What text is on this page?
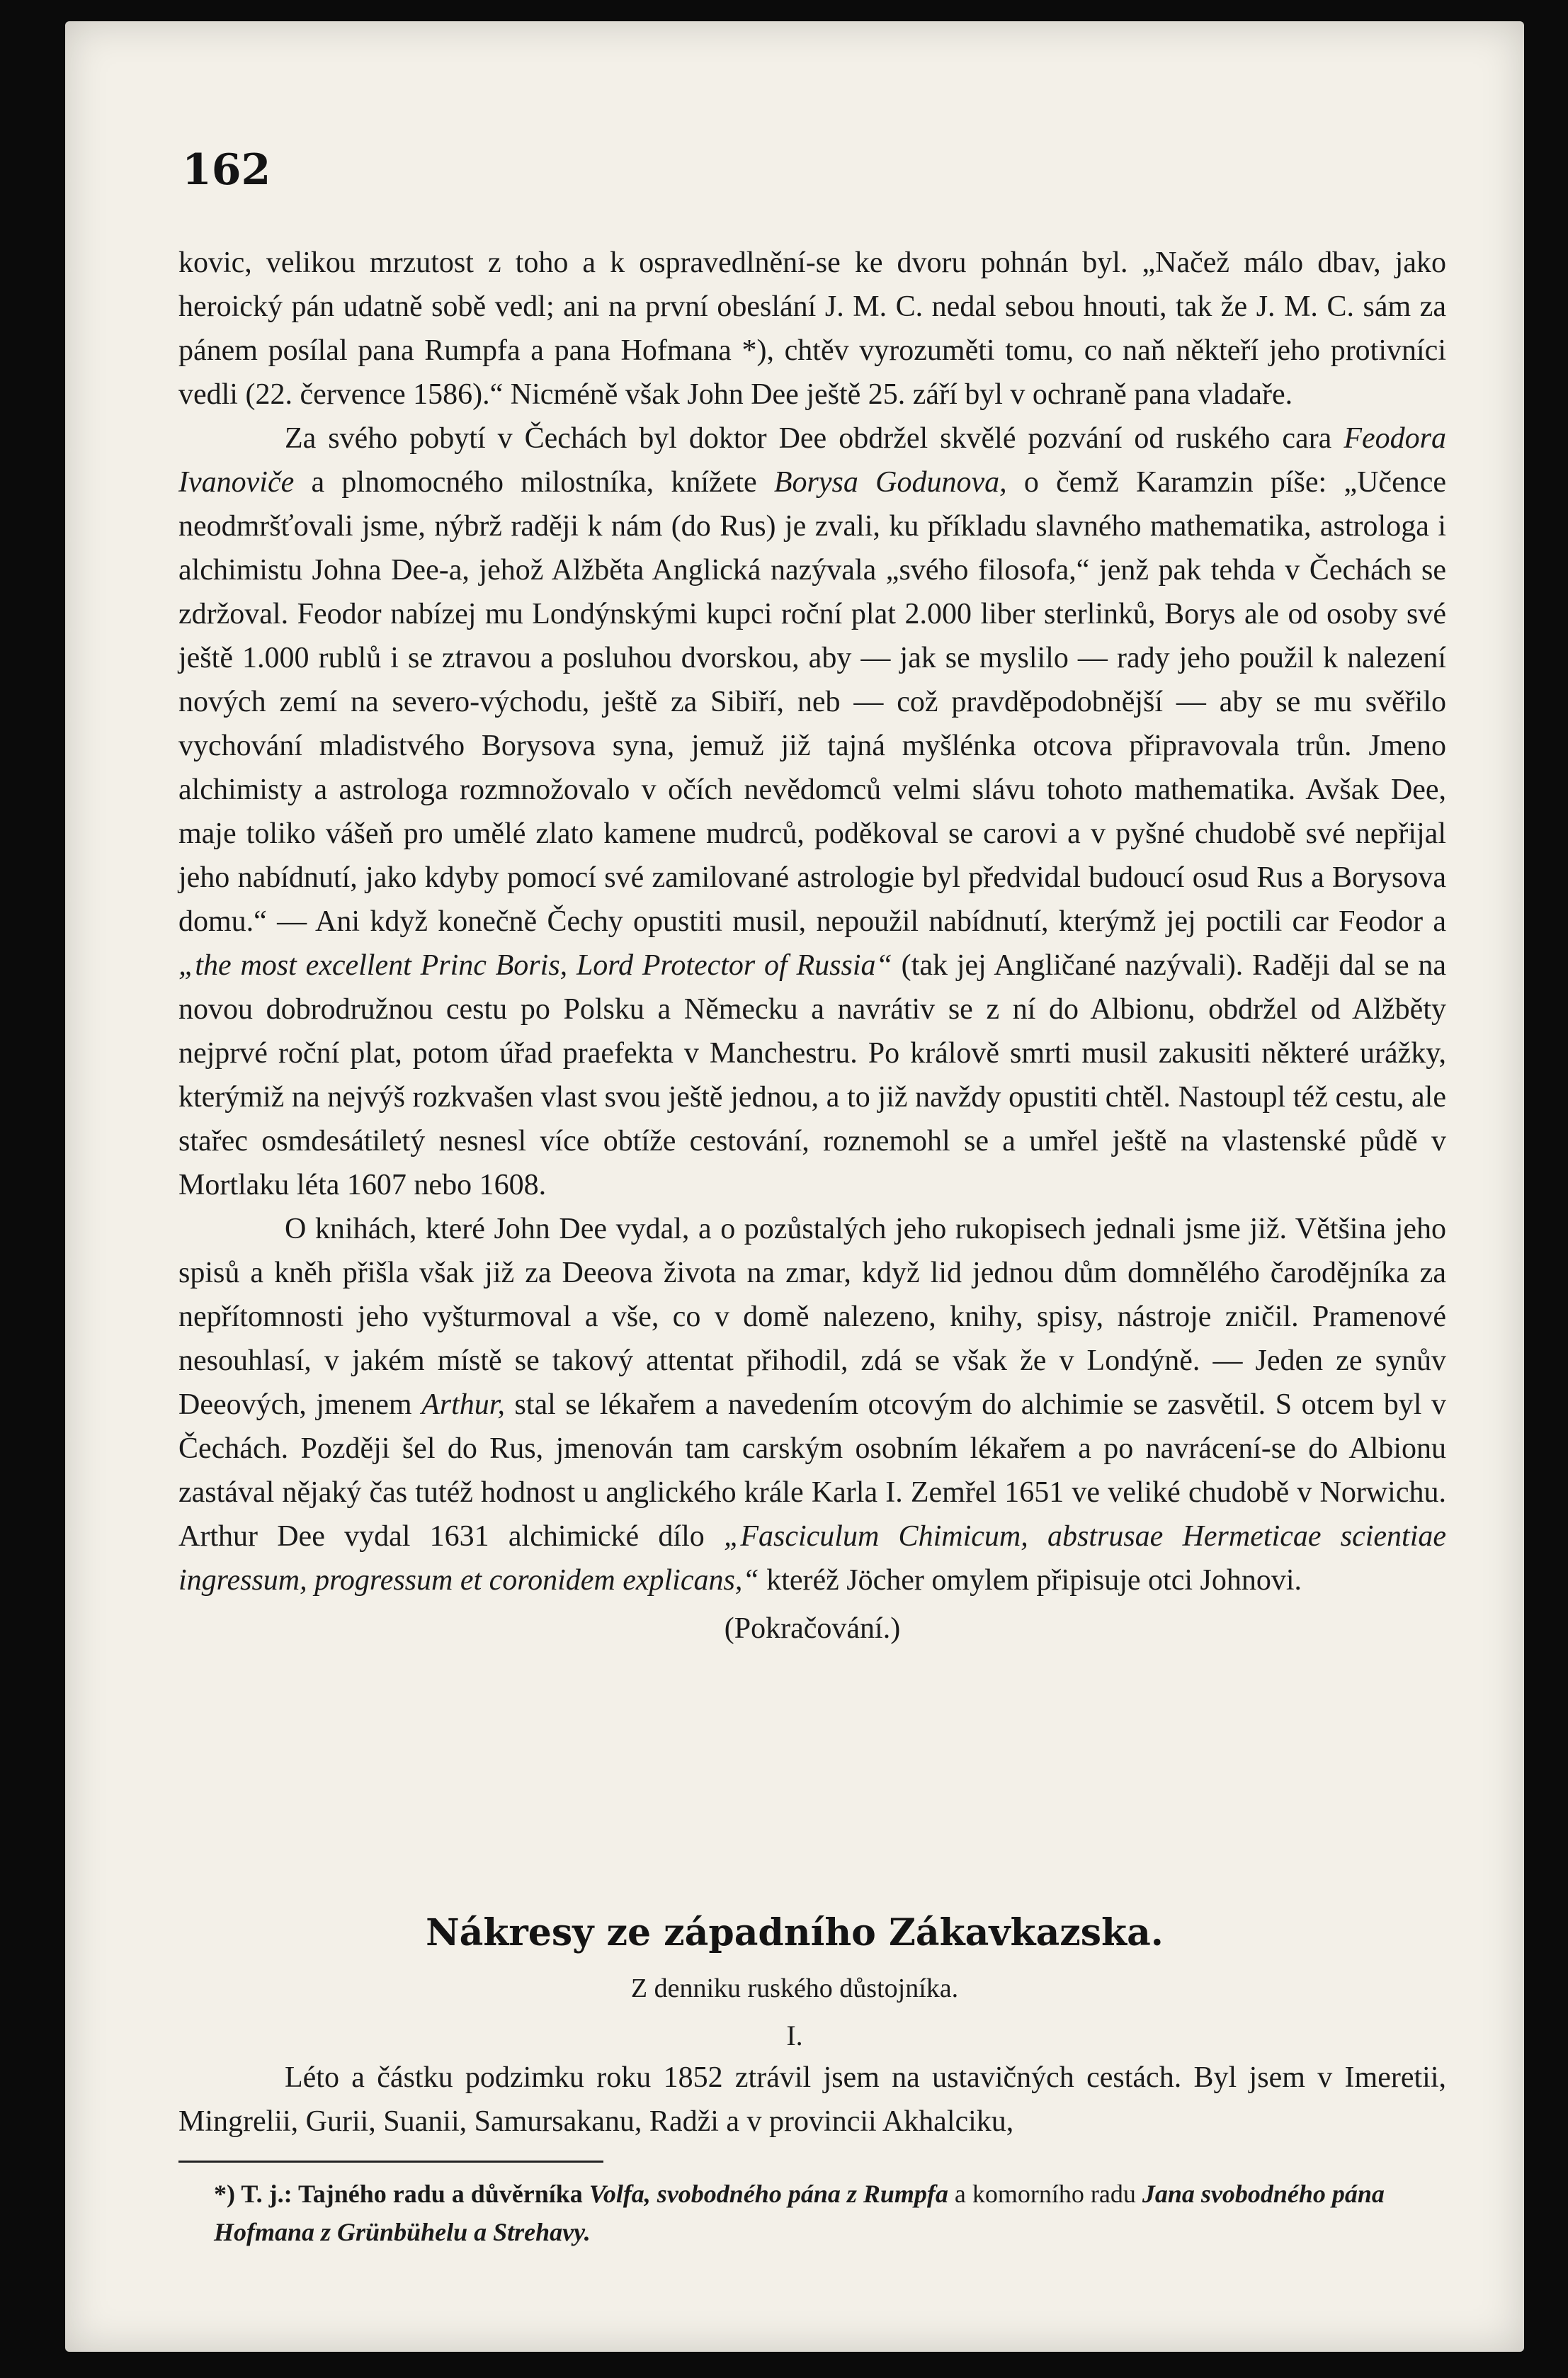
162

kovic, velikou mrzutost z toho a k ospravedlnění-se ke dvoru pohnán byl. „Načež málo dbav, jako heroický pán udatně sobě vedl; ani na první obeslání J. M. C. nedal sebou hnouti, tak že J. M. C. sám za pánem posílal pana Rumpfa a pana Hofmana *), chtěv vyrozuměti tomu, co naň někteří jeho protivníci vedli (22. července 1586).“ Nicméně však John Dee ještě 25. září byl v ochraně pana vladaře.

Za svého pobytí v Čechách byl doktor Dee obdržel skvělé pozvání od ruského cara Feodora Ivanoviče a plnomocného milostníka, knížete Borysa Godunova, o čemž Karamzin píše: „Učence neodmršťovali jsme, nýbrž raději k nám (do Rus) je zvali, ku příkladu slavného mathematika, astrologa i alchimistu Johna Dee-a, jehož Alžběta Anglická nazývala „svého filosofa,“ jenž pak tehda v Čechách se zdržoval. Feodor nabízej mu Londýnskými kupci roční plat 2.000 liber sterlinků, Borys ale od osoby své ještě 1.000 rublů i se ztravou a posluhou dvorskou, aby — jak se myslilo — rady jeho použil k nalezení nových zemí na severo-východu, ještě za Sibiří, neb — což pravděpodobnější — aby se mu svěřilo vychování mladistvého Borysova syna, jemuž již tajná myšlénka otcova připravovala trůn. Jmeno alchimisty a astrologa rozmnožovalo v očích nevědomců velmi slávu tohoto mathematika. Avšak Dee, maje toliko vášeň pro umělé zlato kamene mudrců, poděkoval se carovi a v pyšné chudobě své nepřijal jeho nabídnutí, jako kdyby pomocí své zamilované astrologie byl předvidal budoucí osud Rus a Borysova domu.“ — Ani když konečně Čechy opustiti musil, nepoužil nabídnutí, kterýmž jej poctili car Feodor a „the most excellent Princ Boris, Lord Protector of Russia“ (tak jej Angličané nazývali). Raději dal se na novou dobrodružnou cestu po Polsku a Německu a navrátiv se z ní do Albionu, obdržel od Alžběty nejprvé roční plat, potom úřad praefekta v Manchestru. Po králově smrti musil zakusiti některé urážky, kterýmiž na nejvýš rozkvašen vlast svou ještě jednou, a to již navždy opustiti chtěl. Nastoupl též cestu, ale stařec osmdesátiletý nesnesl více obtíže cestování, roznemohl se a umřel ještě na vlastenské půdě v Mortlaku léta 1607 nebo 1608.

O knihách, které John Dee vydal, a o pozůstalých jeho rukopisech jednali jsme již. Většina jeho spisů a kněh přišla však již za Deeova života na zmar, když lid jednou dům domnělého čarodějníka za nepřítomnosti jeho vyšturmoval a vše, co v domě nalezeno, knihy, spisy, nástroje zničil. Pramenové nesouhlasí, v jakém místě se takový attentat přihodil, zdá se však že v Londýně. — Jeden ze synův Deeových, jmenem Arthur, stal se lékařem a navedením otcovým do alchimie se zasvětil. S otcem byl v Čechách. Později šel do Rus, jmenován tam carským osobním lékařem a po navrácení-se do Albionu zastával nějaký čas tutéž hodnost u anglického krále Karla I. Zemřel 1651 ve veliké chudobě v Norwichu. Arthur Dee vydal 1631 alchimické dílo „Fasciculum Chimicum, abstrusae Hermeticae scientiae ingressum, progressum et coronidem explicans,“ kteréž Jöcher omylem připisuje otci Johnovi.

(Pokračování.)

Nákresy ze západního Zákavkazska.

Z denniku ruského důstojníka.

I.

Léto a částku podzimku roku 1852 ztrávil jsem na ustavičných cestách. Byl jsem v Imeretii, Mingrelii, Gurii, Suanii, Samursakanu, Radži a v provincii Akhalciku,

*) T. j.: Tajného radu a důvěrníka Volfa, svobodného pána z Rumpfa a komorního radu Jana svobodného pána Hofmana z Grünbühelu a Strehavy.
